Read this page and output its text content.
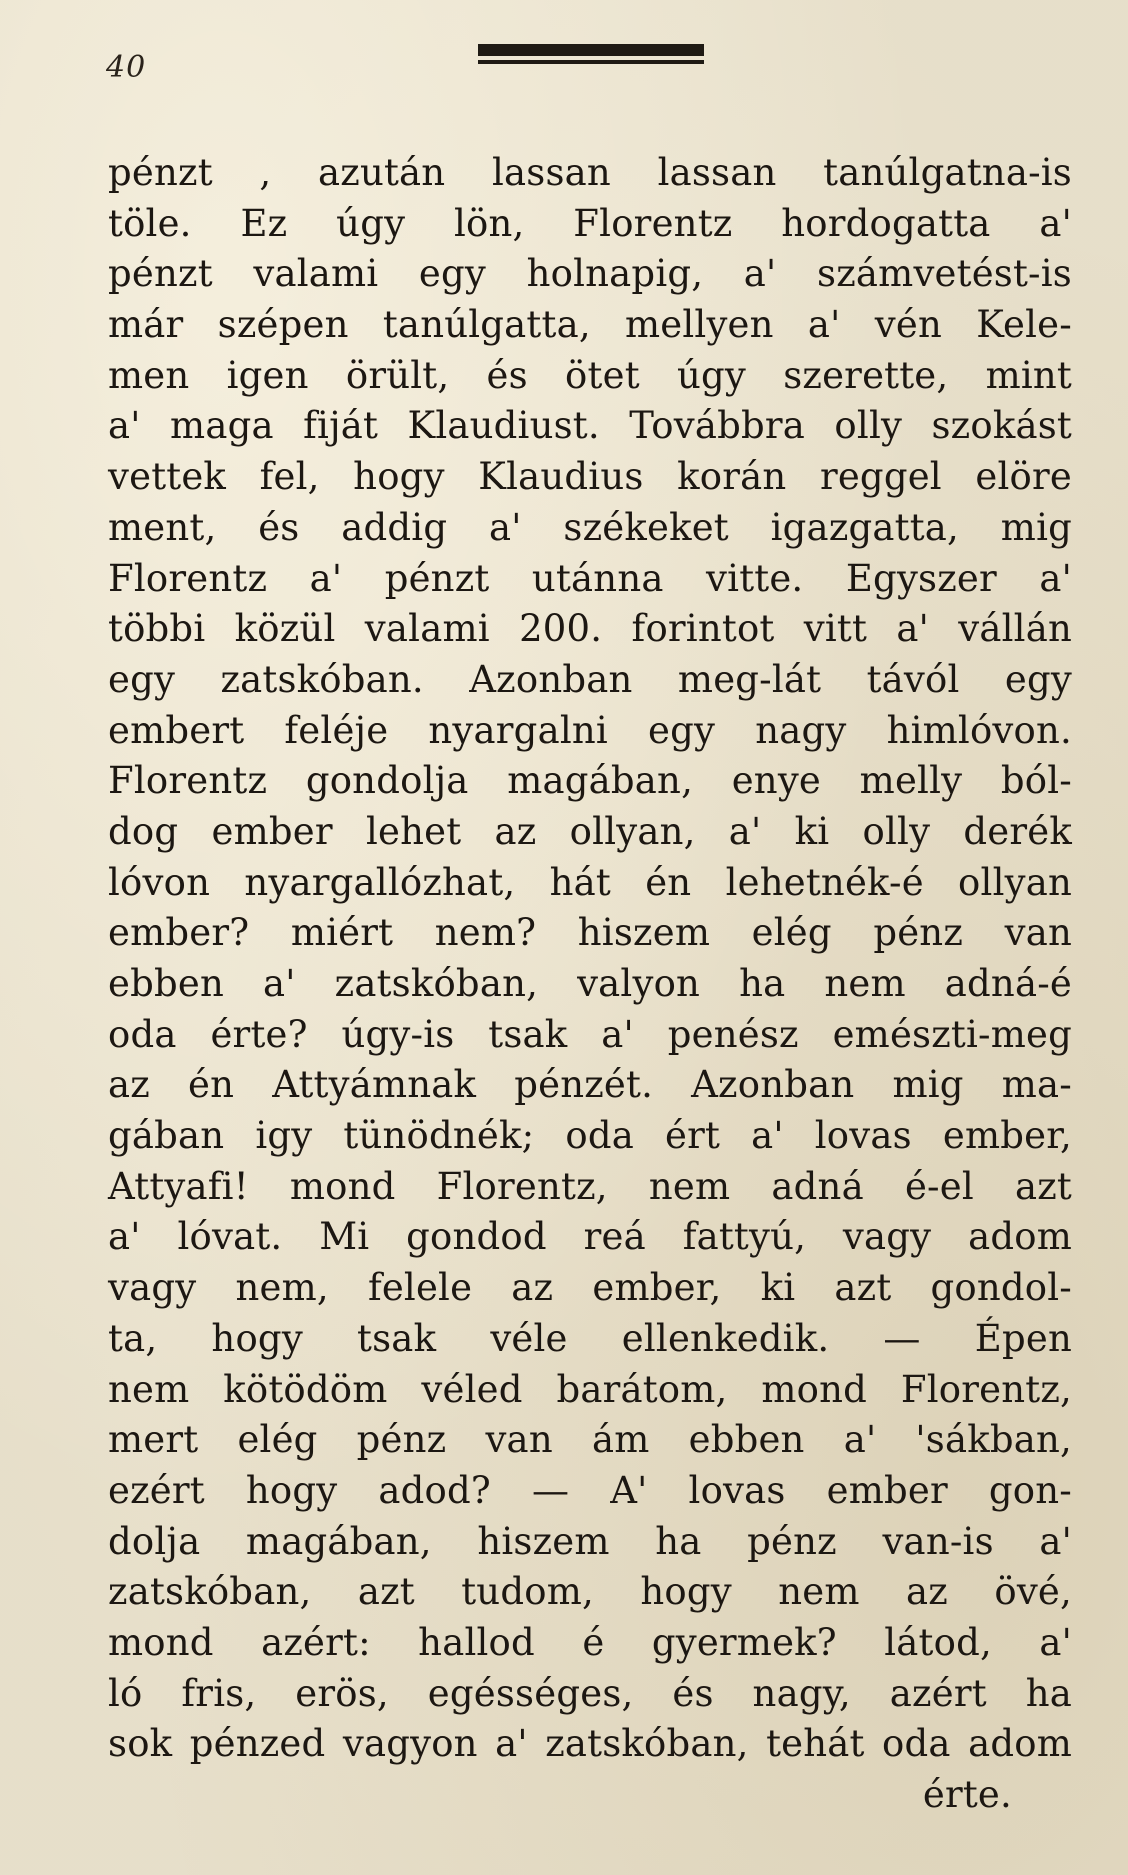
40
pénzt , azután lassan lassan tanúlgatna-is
töle. Ez úgy lön, Florentz hordogatta a'
pénzt valami egy holnapig, a' számvetést-is
már szépen tanúlgatta, mellyen a' vén Kele-
men igen örült, és ötet úgy szerette, mint
a' maga fiját Klaudiust. Továbbra olly szokást
vettek fel, hogy Klaudius korán reggel elöre
ment, és addig a' székeket igazgatta, mig
Florentz a' pénzt utánna vitte. Egyszer a'
többi közül valami 200. forintot vitt a' vállán
egy zatskóban. Azonban meg-lát távól egy
embert feléje nyargalni egy nagy himlóvon.
Florentz gondolja magában, enye melly ból-
dog ember lehet az ollyan, a' ki olly derék
lóvon nyargallózhat, hát én lehetnék-é ollyan
ember? miért nem? hiszem elég pénz van
ebben a' zatskóban, valyon ha nem adná-é
oda érte? úgy-is tsak a' penész emészti-meg
az én Attyámnak pénzét. Azonban mig ma-
gában igy tünödnék; oda ért a' lovas ember,
Attyafi! mond Florentz, nem adná é-el azt
a' lóvat. Mi gondod reá fattyú, vagy adom
vagy nem, felele az ember, ki azt gondol-
ta, hogy tsak véle ellenkedik. — Épen
nem kötödöm véled barátom, mond Florentz,
mert elég pénz van ám ebben a' 'sákban,
ezért hogy adod? — A' lovas ember gon-
dolja magában, hiszem ha pénz van-is a'
zatskóban, azt tudom, hogy nem az övé,
mond azért: hallod é gyermek? látod, a'
ló fris, erös, egésséges, és nagy, azért ha
sok pénzed vagyon a' zatskóban, tehát oda adom
érte.
